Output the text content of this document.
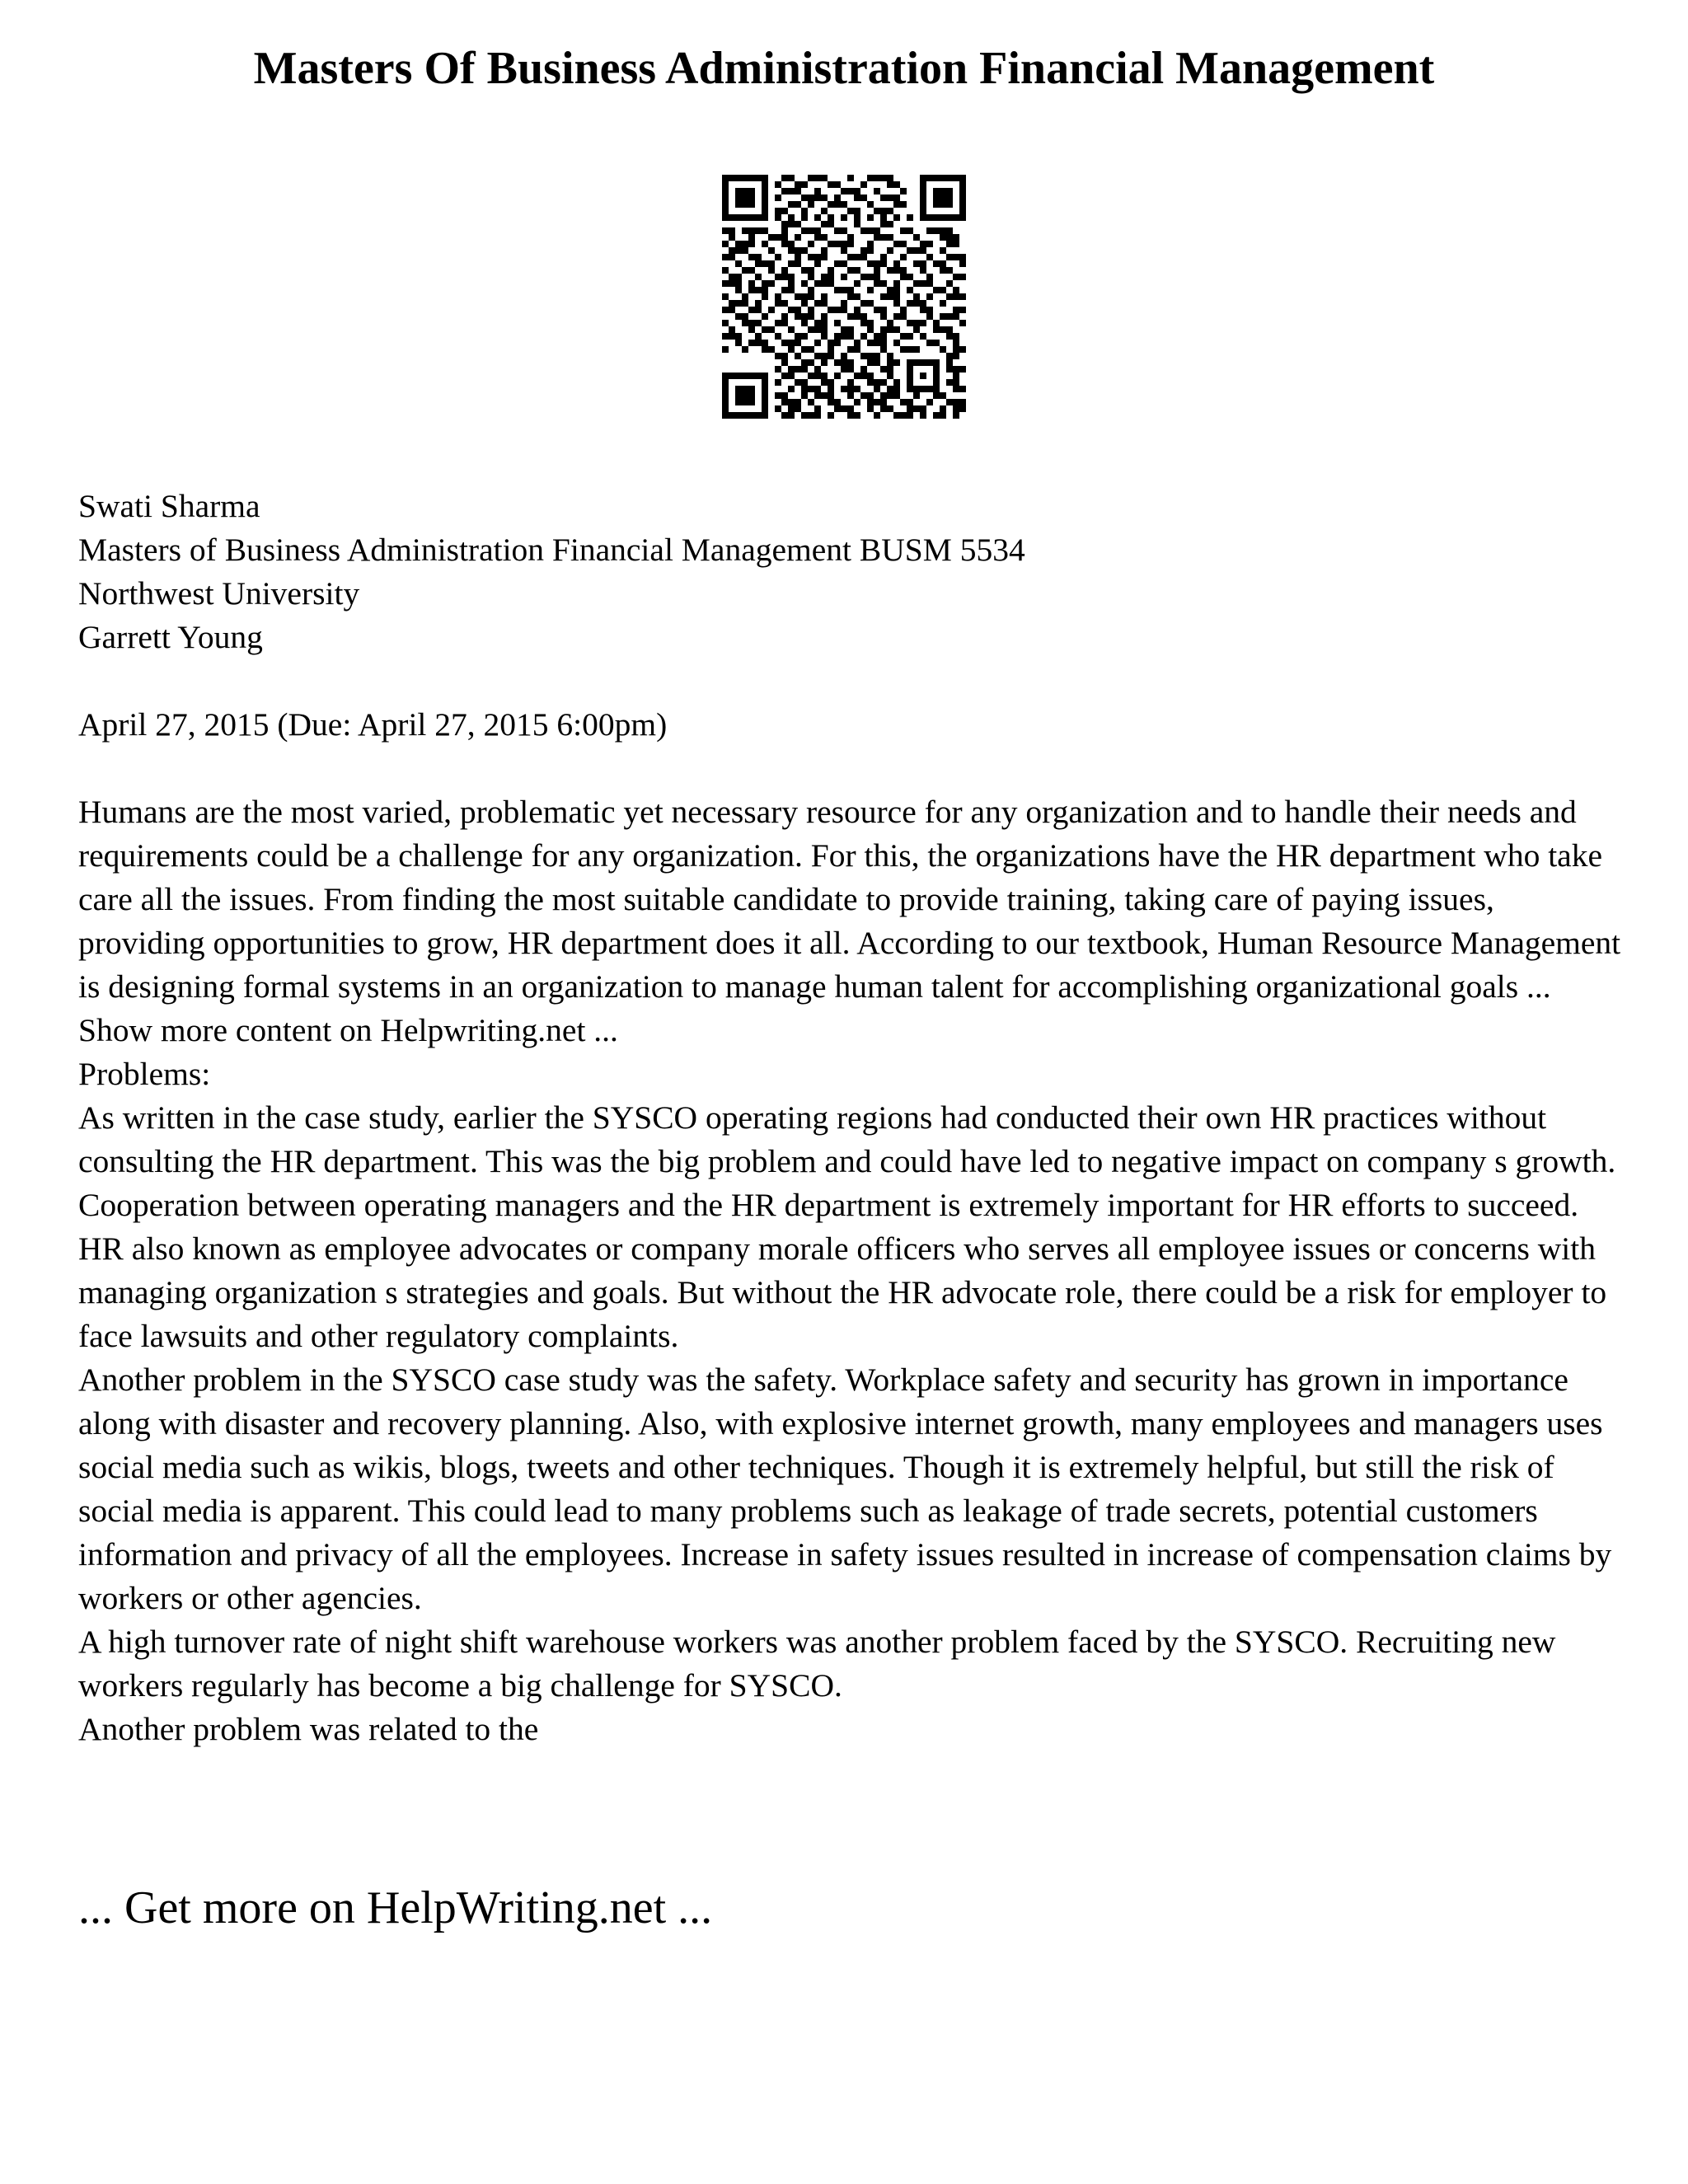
Masters Of Business Administration Financial Management

Swati Sharma

Masters of Business Administration Financial Management BUSM 5534

Northwest University

Garrett Young

April 27, 2015 (Due: April 27, 2015 6:00pm)

Humans are the most varied, problematic yet necessary resource for any organization and to handle their needs and requirements could be a challenge for any organization. For this, the organizations have the HR department who take care all the issues. From finding the most suitable candidate to provide training, taking care of paying issues, providing opportunities to grow, HR department does it all. According to our textbook, Human Resource Management is designing formal systems in an organization to manage human talent for accomplishing organizational goals ... Show more content on Helpwriting.net ...

Problems:

As written in the case study, earlier the SYSCO operating regions had conducted their own HR practices without consulting the HR department. This was the big problem and could have led to negative impact on company s growth. Cooperation between operating managers and the HR department is extremely important for HR efforts to succeed. HR also known as employee advocates or company morale officers who serves all employee issues or concerns with managing organization s strategies and goals. But without the HR advocate role, there could be a risk for employer to face lawsuits and other regulatory complaints.

Another problem in the SYSCO case study was the safety. Workplace safety and security has grown in importance along with disaster and recovery planning. Also, with explosive internet growth, many employees and managers uses social media such as wikis, blogs, tweets and other techniques. Though it is extremely helpful, but still the risk of social media is apparent. This could lead to many problems such as leakage of trade secrets, potential customers information and privacy of all the employees. Increase in safety issues resulted in increase of compensation claims by workers or other agencies.

A high turnover rate of night shift warehouse workers was another problem faced by the SYSCO. Recruiting new workers regularly has become a big challenge for SYSCO.

Another problem was related to the

... Get more on HelpWriting.net ...
